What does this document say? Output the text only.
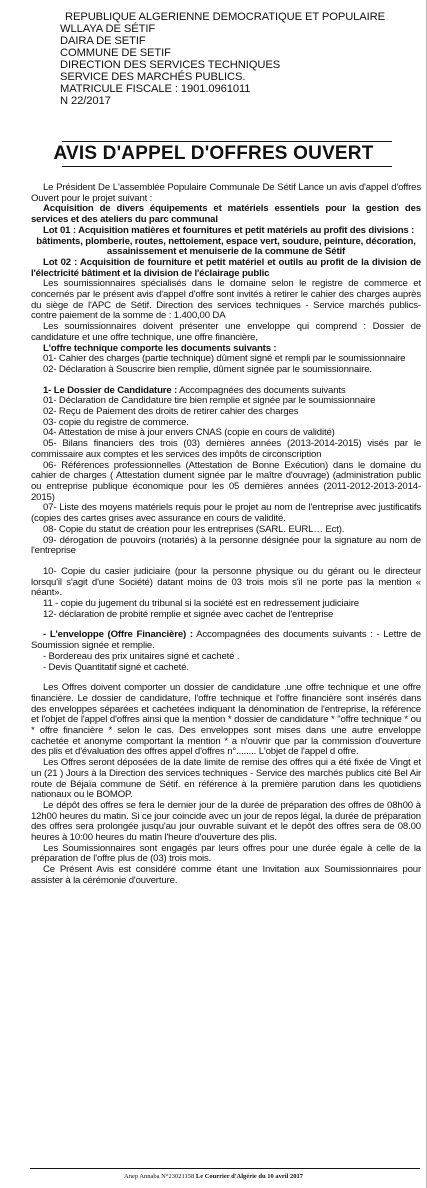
REPUBLIQUE ALGERIENNE DEMOCRATIQUE ET POPULAIRE
WLLAYA DE SÉTIF
DAIRA DE SETIF
COMMUNE DE SETIF
DIRECTION DES SERVICES TECHNIQUES
SERVICE DES MARCHÉS PUBLICS.
MATRICULE FISCALE : 1901.0961011
N 22/2017
AVIS D'APPEL D'OFFRES OUVERT

Le Président De L'assemblée Populaire Communale De Sétif Lance un avis d'appel d'offres Ouvert pour le projet suivant :

Acquisition de divers équipements et matériels essentiels pour la gestion des services et des ateliers du parc communal

Lot 01 : Acquisition matières et fournitures et petit matériels au profit des divisions :

bâtiments, plomberie, routes, nettoiement, espace vert, soudure, peinture, décoration,

assainissement et menuiserie de la commune de Sétif

Lot 02 : Acquisition de fourniture et petit matériel et outils au profit de la division de l'électricité bâtiment et la division de l'éclairage public

Les soumissionnaires spécialisés dans le domaine selon le registre de commerce et concernés par le présent avis d'appel d'offre sont invités à retirer le cahier des charges auprès du siège de l'APC de Sétif. Direction des services techniques - Service marchés publics- contre paiement de la somme de : 1.400,00 DA

Les soumissionnaires doivent présenter une enveloppe qui comprend : Dossier de candidature et une offre technique, une offre financière,

L'offre technique comporte les documents suivants :

01- Cahier des charges (partie technique) dûment signé et rempli par le soumissionnaire

02- Déclaration à Souscrire bien remplie, dûment signée par le soumissionnaire.

1- Le Dossier de Candidature : Accompagnées des documents suivants

01- Déclaration de Candidature tire bien remplie et signée par le soumissionnaire

02- Reçu de Paiement des droits de retirer cahier des charges

03- copie du registre de commerce.

04- Attestation de mise à jour envers CNAS (copie en cours de validité)

05- Bilans financiers des trois (03) dernières années (2013-2014-2015) visés par le commissaire aux comptes et les services des impôts de circonscription

06- Références professionnelles (Attestation de Bonne Exécution) dans le domaine du cahier de charges ( Attestation dument signée par le maître d'ouvrage) (administration public ou entreprise publique économique pour les 05 dernières années (2011-2012-2013-2014-2015)

07- Liste des moyens matériels requis pour le projet au nom de l'entreprise avec justificatifs (copies des cartes grises avec assurance en cours de validité.

08- Copie du statut de création pour les entreprises (SARL. EURL… Ect).

09- dérogation de pouvoirs (notariés) à la personne désignée pour la signature au nom de l'entreprise

10- Copie du casier judiciaire (pour la personne physique ou du gérant ou le directeur lorsqu'il s'agit d'une Société) datant moins de 03 trois mois s'il ne porte pas la mention « néant».

11 - copie du jugement du tribunal si la société est en redressement judiciaire

12- déclaration de probité remplie et signée avec cachet de l'entreprise

- L'enveloppe (Offre Financière) : Accompagnées des documents suivants : - Lettre de Soumission signée et remplie.

- Bordereau des prix unitaires signé et cacheté .

- Devis Quantitatif signé et cacheté.

Les Offres doivent comporter un dossier de candidature .une offre technique et une offre financière. Le dossier de candidature, l'offre technique et l'offre financière sont insérés dans des enveloppes séparées et cachetées indiquant la dénomination de l'entreprise, la référence et l'objet de l'appel d'offres ainsi que la mention * dossier de candidature * "offre technique * ou * offre financière * selon le cas. Des enveloppes sont mises dans une autre enveloppe cachetée et anonyme comportant la mention * a n'ouvrir que par la commission d'ouverture des plis et d'évaluation des offres appel d'offres n°........ L'objet de l'appel d offre.

Les Offres seront déposées de la date limite de remise des offres qui a été fixée de Vingt et un (21 ) Jours à la Direction des services techniques - Service des marchés publics cité Bel Air route de Béjaïa commune de Sétif. en référence à la première parution dans les quotidiens nationaux ou le BOMOP.

Le dépôt des offres se fera le dernier jour de la durée de préparation des offres de 08h00 à 12h00 heures du matin. Si ce jour coincide avec un jour de repos légal, la durée de préparation des offres sera prolongée jusqu'au jour ouvrable suivant et le depôt des offres sera de 08.00 heures à 10:00 heures du matin l'heure d'ouverture des plis.

Les Soumissionnaires sont engagés par leurs offres pour une durée égale à celle de la préparation de l'offre plus de (03) trois mois.

Ce Présent Avis est considéré comme étant une Invitation aux Soumissionnaires pour assister à la cérémonie d'ouverture.

Anep Annaba N°23021158 Le Courrier d'Algérie du 10 avril 2017
